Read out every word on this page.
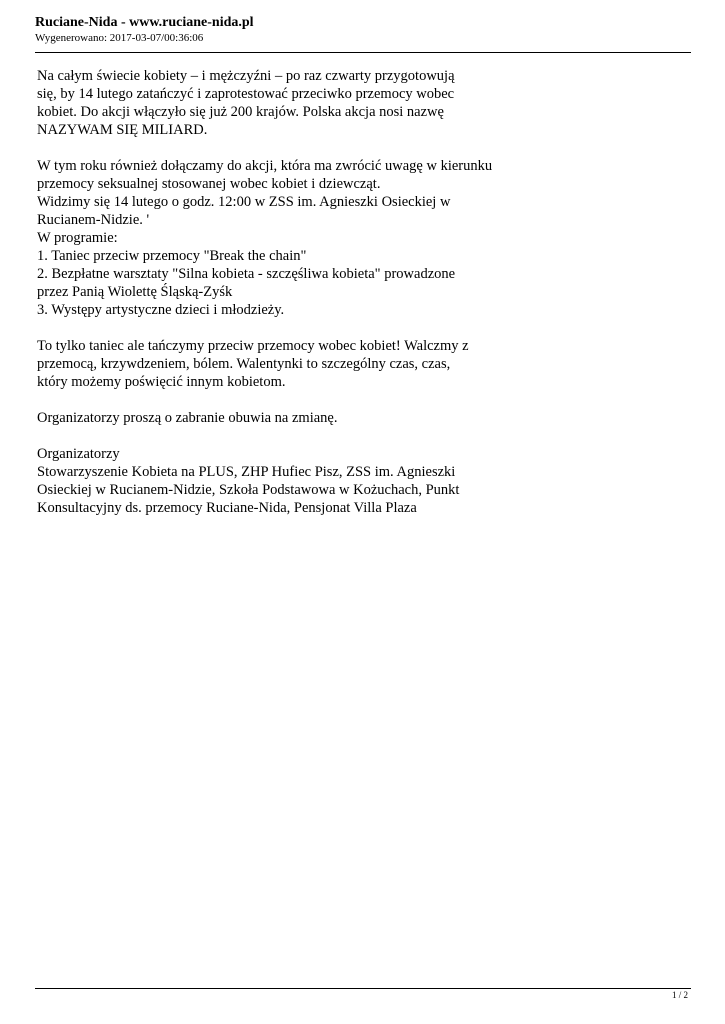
Ruciane-Nida - www.ruciane-nida.pl
Wygenerowano: 2017-03-07/00:36:06
Na całym świecie kobiety – i mężczyźni – po raz czwarty przygotowują
się, by 14 lutego zatańczyć i zaprotestować przeciwko przemocy wobec
kobiet. Do akcji włączyło się już 200 krajów. Polska akcja nosi nazwę
NAZYWAM SIĘ MILIARD.
W tym roku również dołączamy do akcji, która ma zwrócić uwagę w kierunku
przemocy seksualnej stosowanej wobec kobiet i dziewcząt.
Widzimy się 14 lutego o godz. 12:00 w ZSS im. Agnieszki Osieckiej w
Rucianem-Nidzie. '
W programie:
1. Taniec przeciw przemocy "Break the chain"
2. Bezpłatne warsztaty "Silna kobieta - szczęśliwa kobieta" prowadzone
przez Panią Wiolettę Śląską-Zyśk
3. Występy artystyczne dzieci i młodzieży.
To tylko taniec ale tańczymy przeciw przemocy wobec kobiet! Walczmy z
przemocą, krzywdzeniem, bólem. Walentynki to szczególny czas, czas,
który możemy poświęcić innym kobietom.
Organizatorzy proszą o zabranie obuwia na zmianę.
Organizatorzy
Stowarzyszenie Kobieta na PLUS, ZHP Hufiec Pisz, ZSS im. Agnieszki
Osieckiej w Rucianem-Nidzie, Szkoła Podstawowa w Kożuchach, Punkt
Konsultacyjny ds. przemocy Ruciane-Nida, Pensjonat Villa Plaza
1 / 2
